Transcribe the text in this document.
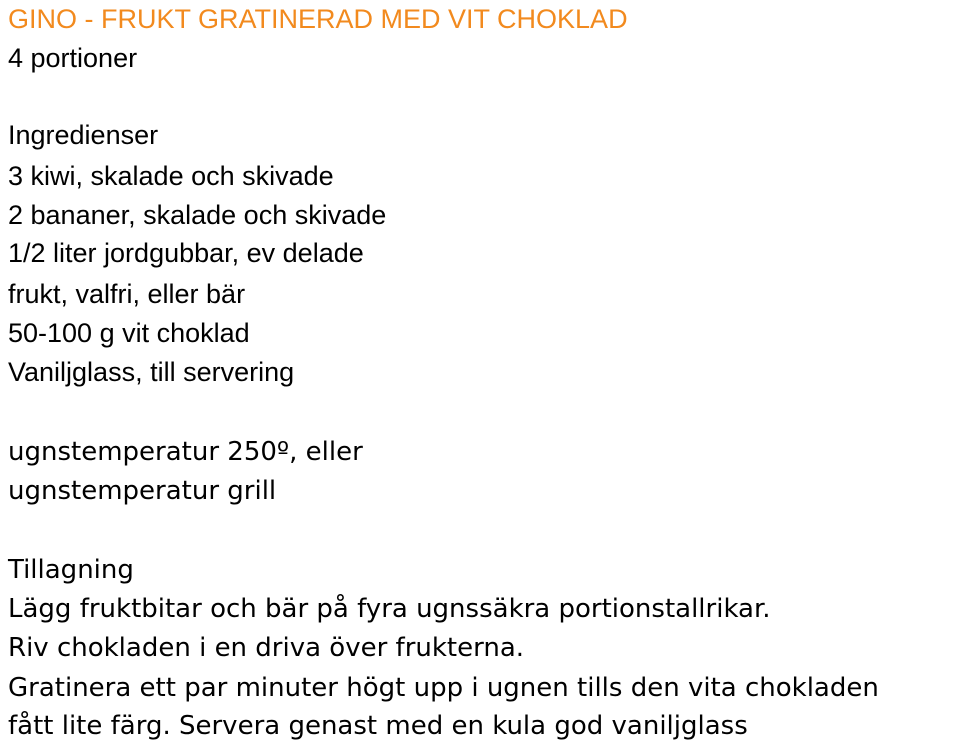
GINO - FRUKT GRATINERAD MED VIT CHOKLAD
4 portioner
Ingredienser
3 kiwi, skalade och skivade
2 bananer, skalade och skivade
1/2 liter jordgubbar, ev delade
frukt, valfri, eller bär
50-100 g vit choklad
Vaniljglass, till servering
ugnstemperatur 250º, eller
ugnstemperatur grill
Tillagning
Lägg fruktbitar och bär på fyra ugnssäkra portionstallrikar.
Riv chokladen i en driva över frukterna.
Gratinera ett par minuter högt upp i ugnen tills den vita chokladen
fått lite färg. Servera genast med en kula god vaniljglass
